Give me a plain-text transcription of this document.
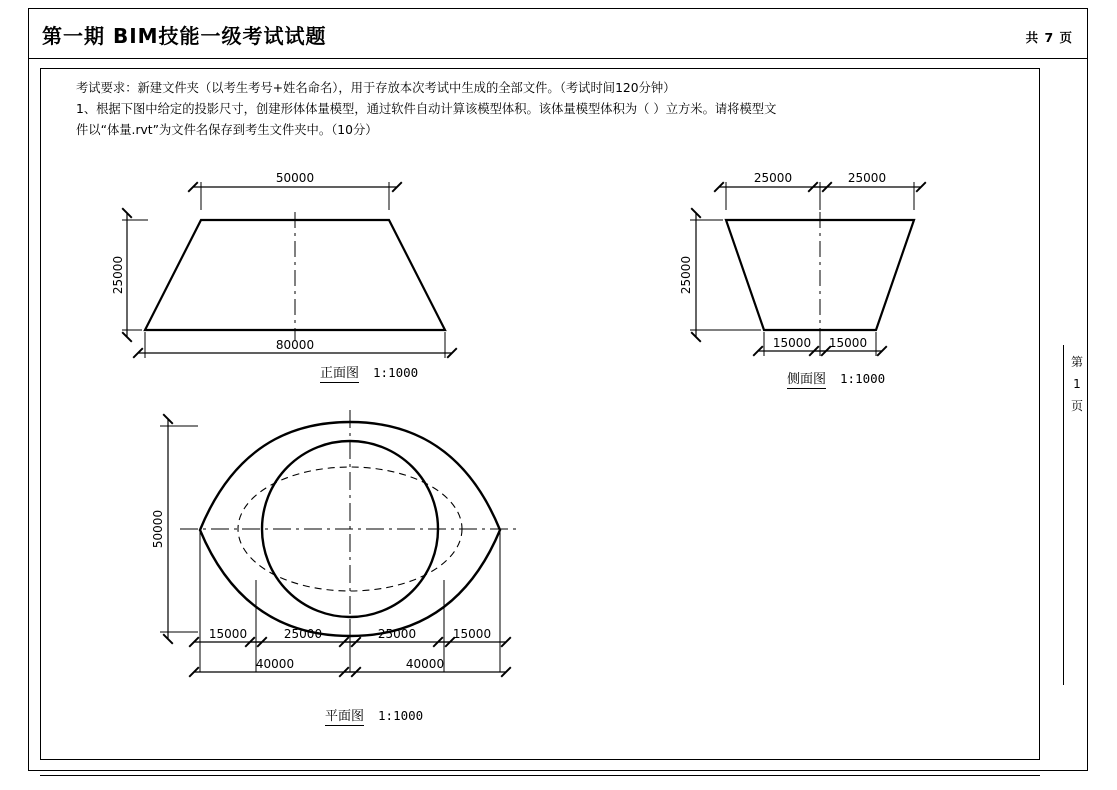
第一期 BIM技能一级考试试题	共 7 页
第
1
页

考试要求：新建文件夹（以考生考号+姓名命名），用于存放本次考试中生成的全部文件。（考试时间120分钟）

1、根据下图中给定的投影尺寸，创建形体体量模型，通过软件自动计算该模型体积。该体量模型体积为（ ）立方米。请将模型文

件以“体量.rvt”为文件名保存到考生文件夹中。（10分）

50000
80000
25000
正面图 1:1000
25000	25000
15000 15000
25000
侧面图 1:1000
50000
15000	25000	25000	15000
40000	40000
平面图 1:1000
